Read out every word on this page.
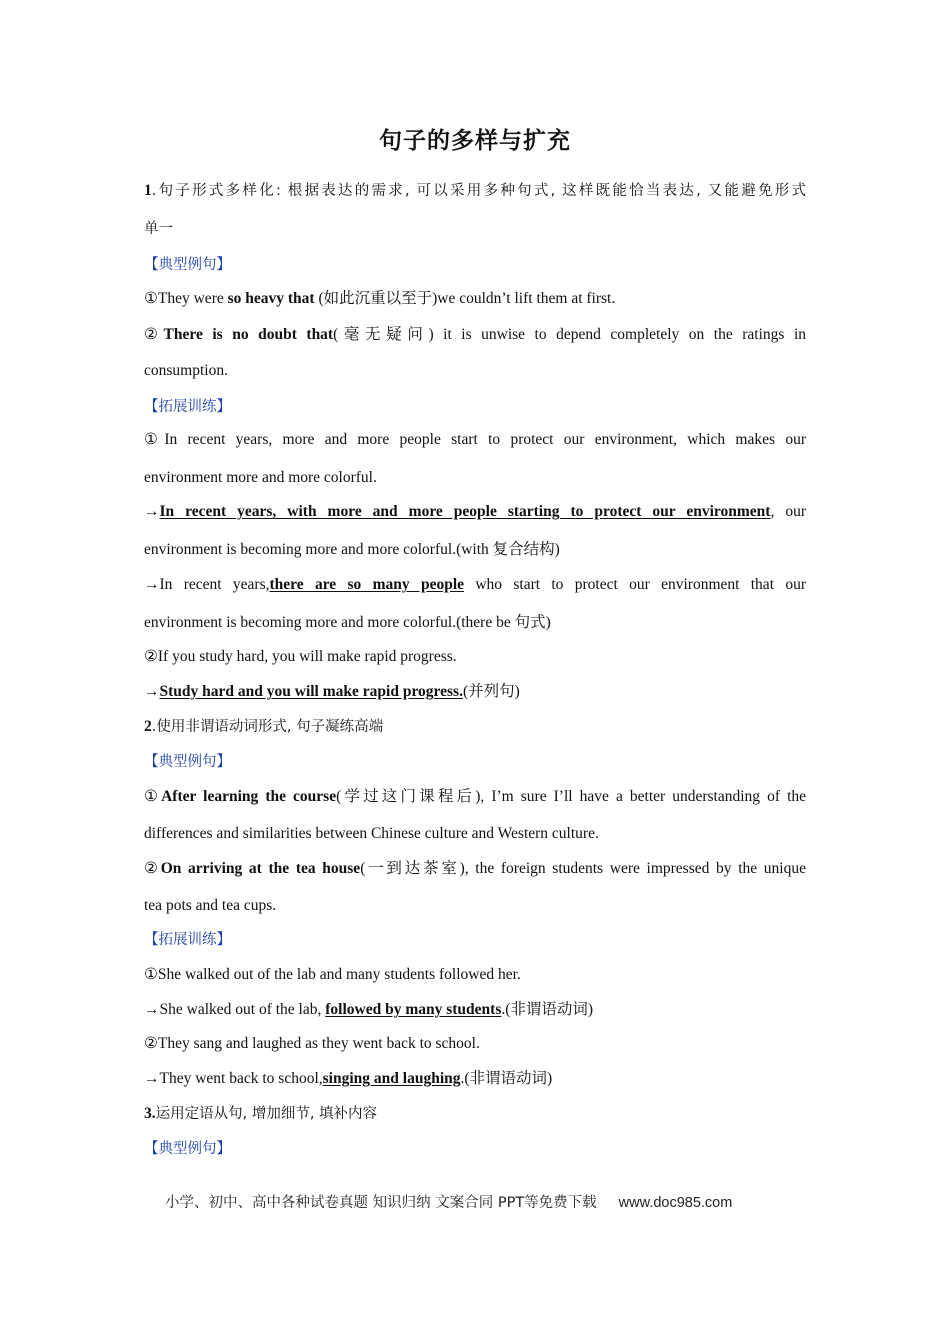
句子的多样与扩充
1.句子形式多样化: 根据表达的需求, 可以采用多种句式, 这样既能恰当表达, 又能避免形式
单一
【典型例句】
①They were so heavy that (如此沉重以至于)we couldn’t lift them at first.
②There is no doubt that(毫无疑问) it is unwise to depend completely on the ratings in
consumption.
【拓展训练】
①In recent years, more and more people start to protect our environment, which makes our
environment more and more colorful.
→In recent years, with more and more people starting to protect our environment, our
environment is becoming more and more colorful.(with 复合结构)
→In recent years,there are so many people who start to protect our environment that our
environment is becoming more and more colorful.(there be 句式)
②If you study hard, you will make rapid progress.
→Study hard and you will make rapid progress.(并列句)
2.使用非谓语动词形式, 句子凝练高端
【典型例句】
①After learning the course(学过这门课程后), I’m sure I’ll have a better understanding of the
differences and similarities between Chinese culture and Western culture.
②On arriving at the tea house(一到达茶室), the foreign students were impressed by the unique
tea pots and tea cups.
【拓展训练】
①She walked out of the lab and many students followed her.
→She walked out of the lab, followed by many students.(非谓语动词)
②They sang and laughed as they went back to school.
→They went back to school,singing and laughing.(非谓语动词)
3.运用定语从句, 增加细节, 填补内容
【典型例句】
小学、初中、高中各种试卷真题 知识归纳 文案合同 PPT等免费下载 www.doc985.com
